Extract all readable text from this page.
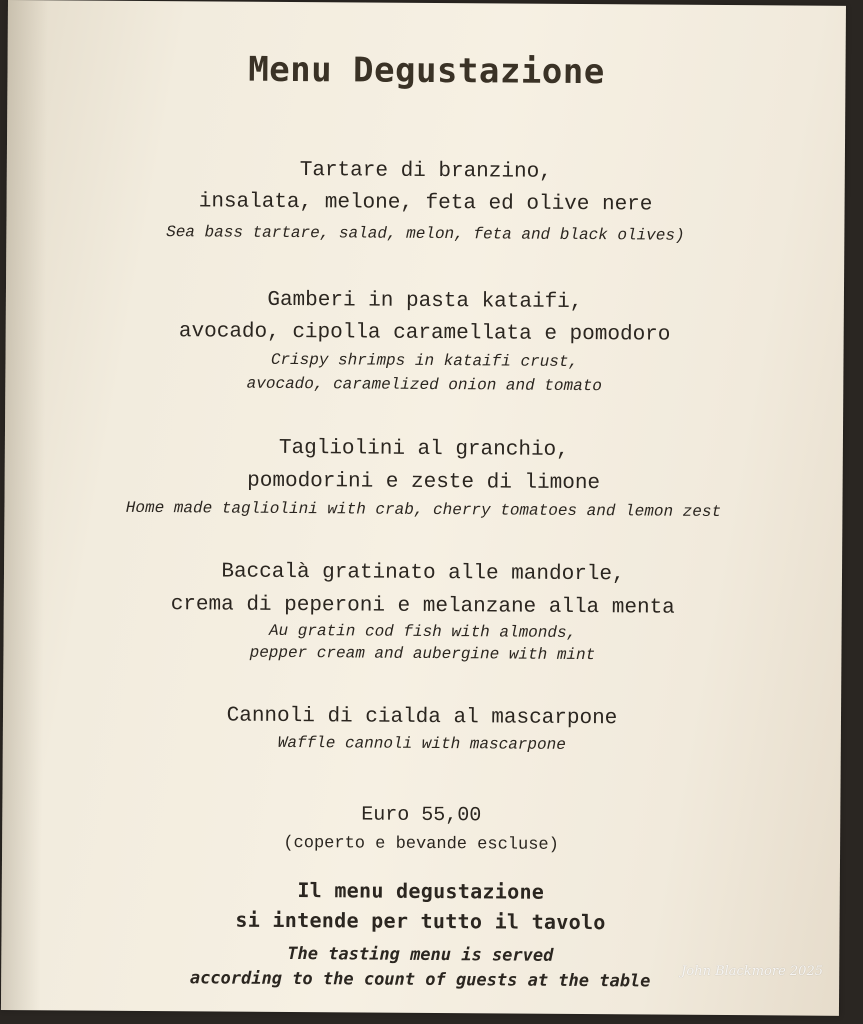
Menu Degustazione
Tartare di branzino,
insalata, melone, feta ed olive nere
Sea bass tartare, salad, melon, feta and black olives)
Gamberi in pasta kataifi,
avocado, cipolla caramellata e pomodoro
Crispy shrimps in kataifi crust,
avocado, caramelized onion and tomato
Tagliolini al granchio,
pomodorini e zeste di limone
Home made tagliolini with crab, cherry tomatoes and lemon zest
Baccalà gratinato alle mandorle,
crema di peperoni e melanzane alla menta
Au gratin cod fish with almonds,
pepper cream and aubergine with mint
Cannoli di cialda al mascarpone
Waffle cannoli with mascarpone
Euro 55,00
(coperto e bevande escluse)
Il menu degustazione
si intende per tutto il tavolo
The tasting menu is served
according to the count of guests at the table	John Blackmore 2025
